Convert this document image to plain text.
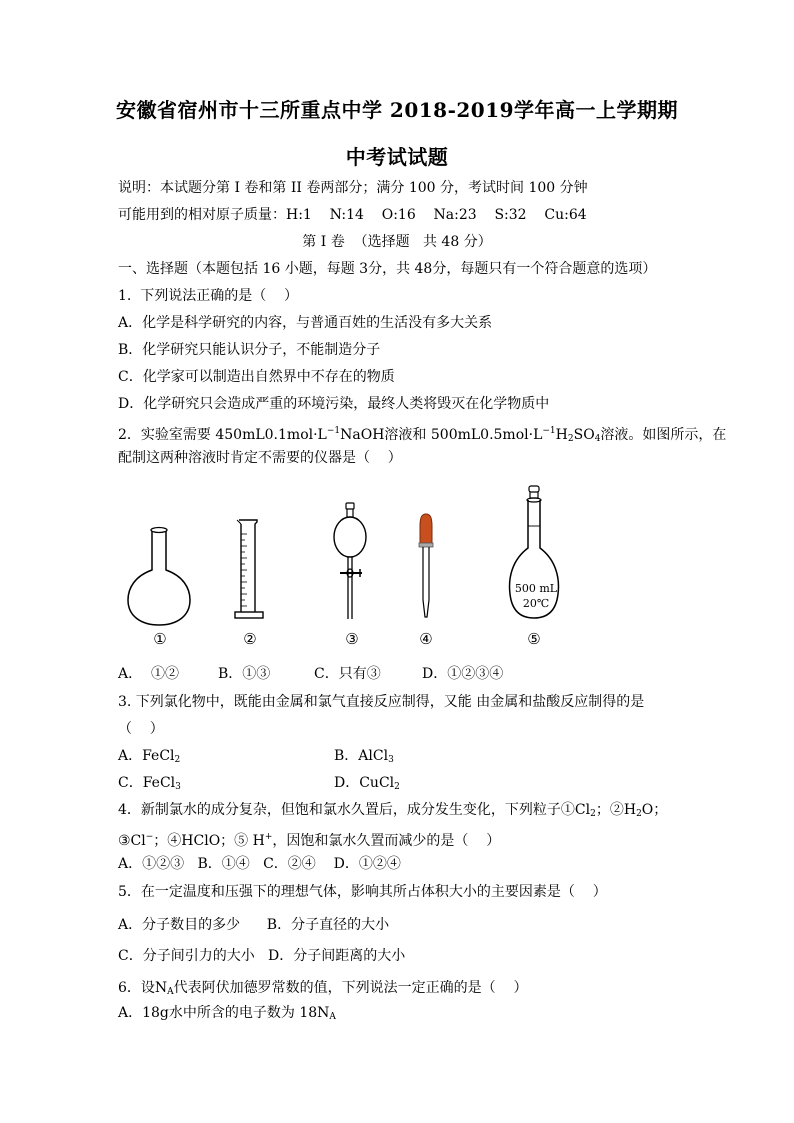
安徽省宿州市十三所重点中学 2018-2019学年高一上学期期
中考试试题
说明：本试题分第 I 卷和第 II 卷两部分；满分 100 分，考试时间 100 分钟
可能用到的相对原子质量：H:1    N:14    O:16    Na:23    S:32    Cu:64
第 I 卷  （选择题   共 48 分）
一、选择题（本题包括 16 小题，每题 3分，共 48分，每题只有一个符合题意的选项）
1.  下列说法正确的是（    ）
A．化学是科学研究的内容，与普通百姓的生活没有多大关系
B．化学研究只能认识分子，不能制造分子
C．化学家可以制造出自然界中不存在的物质
D．化学研究只会造成严重的环境污染，最终人类将毁灭在化学物质中
2．实验室需要 $450mL0.1mol\cdot L^{-1}NaOH$溶液和 $500mL0.5mol\cdot L^{-1}H_2SO_4$溶液。如图所示，在
配制这两种溶液时肯定不需要的仪器是（    ）
500 mL
20℃
①	②	③	④	⑤
A．  ①②	B．①③	C．只有③	D．①②③④
3. 下列氯化物中，既能由金属和氯气直接反应制得，又能 由金属和盐酸反应制得的是
（    ）
A．FeCl$_2$	B．AlCl$_3$
C．FeCl$_3$	D．CuCl$_2$
4．新制氯水的成分复杂，但饱和氯水久置后，成分发生变化，下列粒子$①Cl_2$；$②H_2O$；
③Cl−；④HClO；⑤ H+，因饱和氯水久置而减少的是（    ）
A．①②③   B．①④   C．②④    D．①②④
5．在一定温度和压强下的理想气体，影响其所占体积大小的主要因素是（    ）
A．分子数目的多少      B．分子直径的大小
C．分子间引力的大小   D．分子间距离的大小
6．设$N_A$代表阿伏加德罗常数的值，下列说法一定正确的是（    ）
A．18g水中所含的电子数为 $18N_A$
